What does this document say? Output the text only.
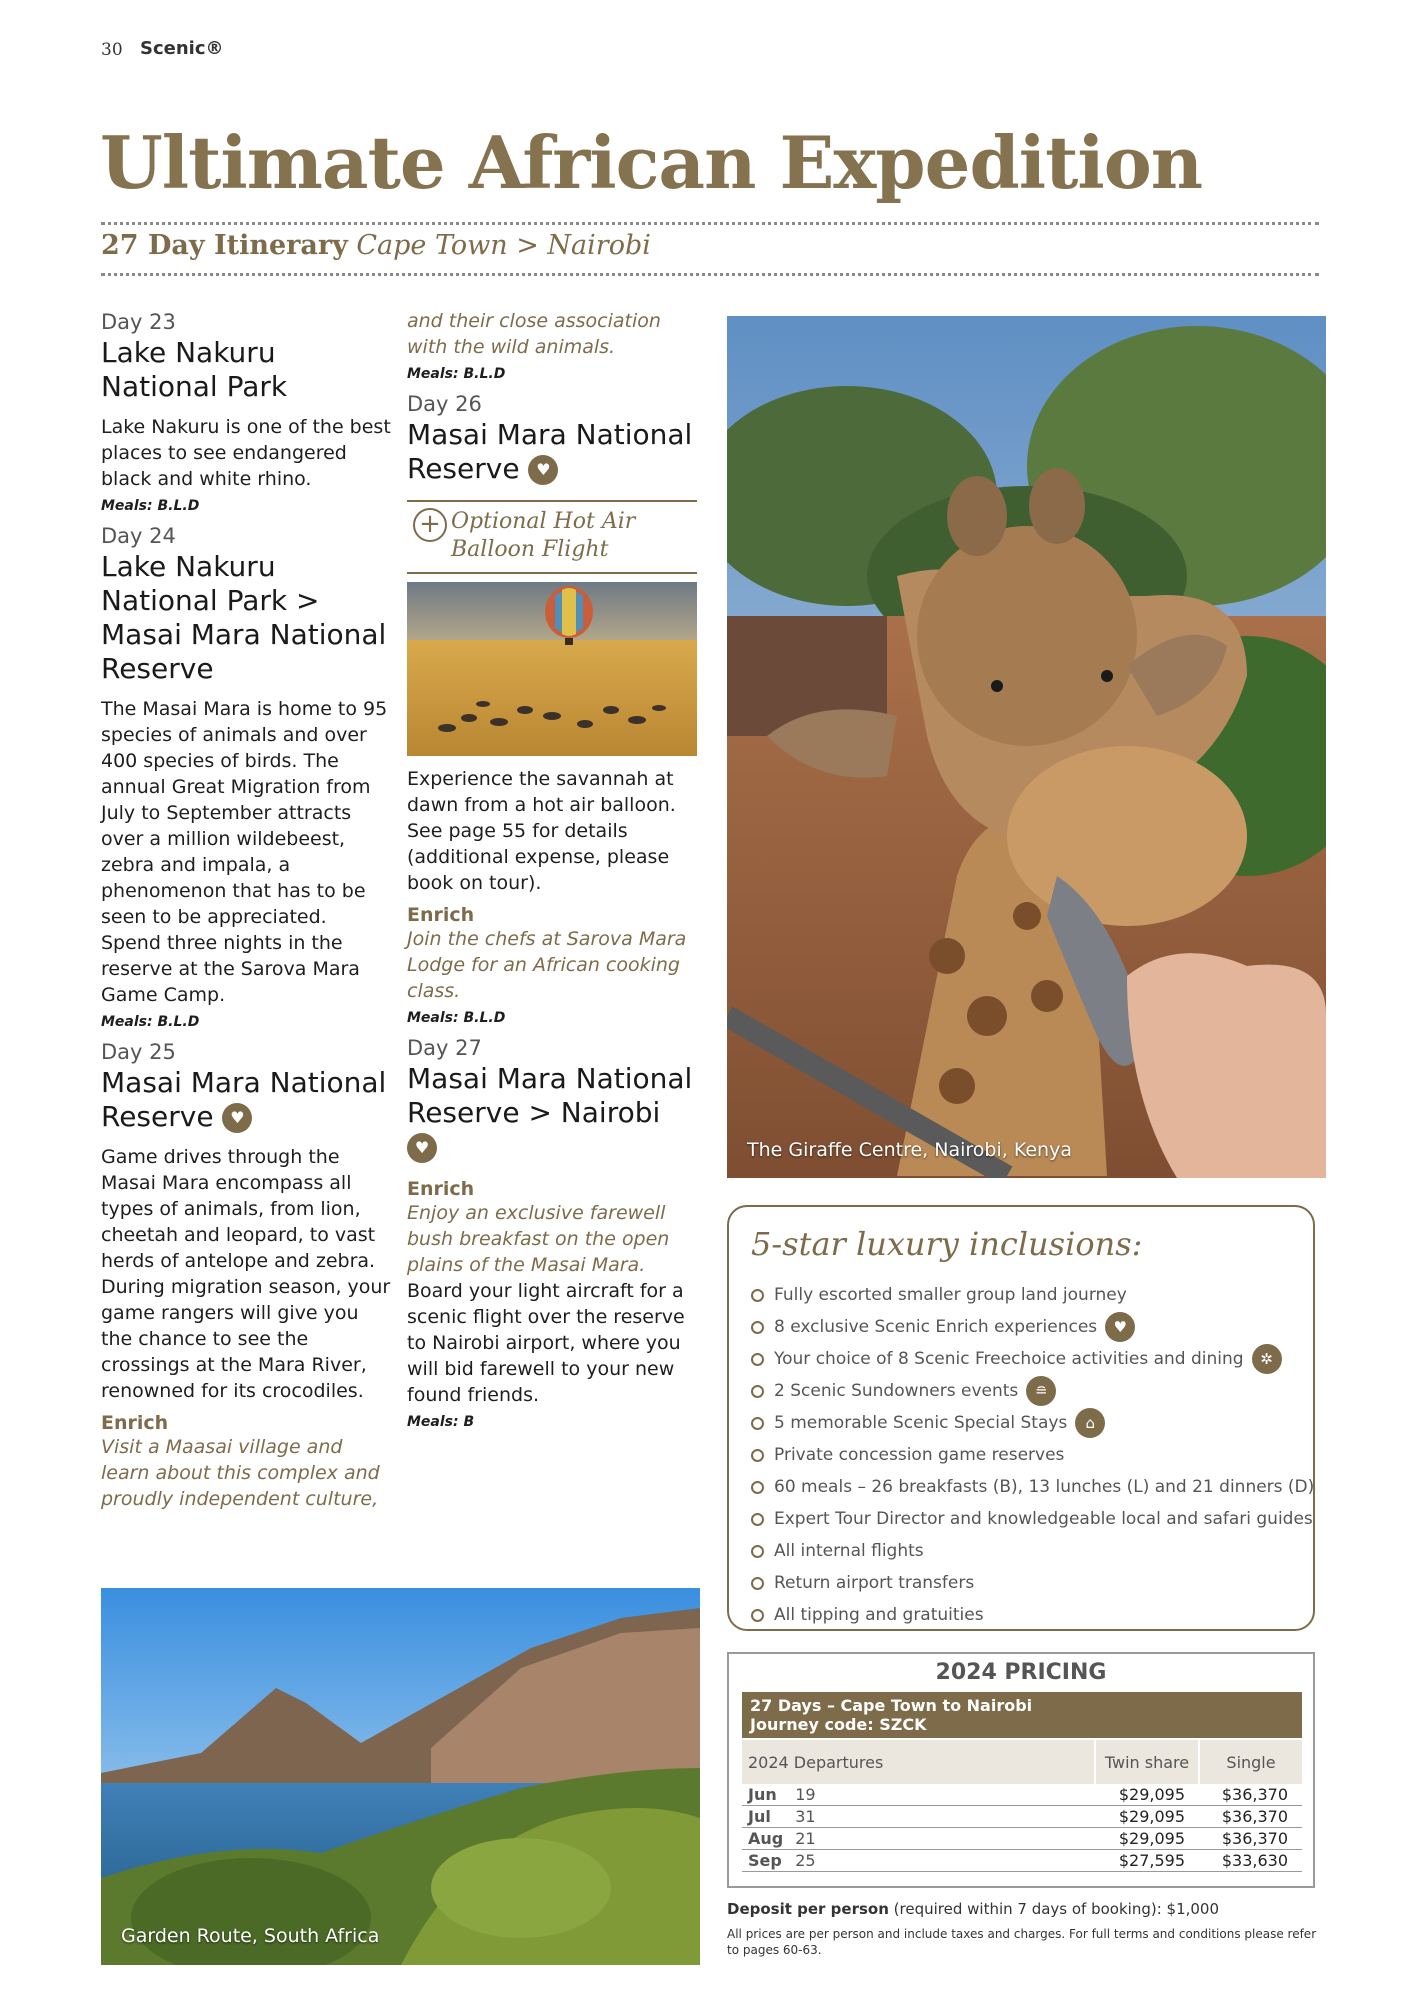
30 Scenic®
Ultimate African Expedition
27 Day Itinerary Cape Town > Nairobi
Day 23
Lake Nakuru National Park
Lake Nakuru is one of the best places to see endangered black and white rhino.
Meals: B.L.D
Day 24
Lake Nakuru National Park > Masai Mara National Reserve
The Masai Mara is home to 95 species of animals and over 400 species of birds. The annual Great Migration from July to September attracts over a million wildebeest, zebra and impala, a phenomenon that has to be seen to be appreciated. Spend three nights in the reserve at the Sarova Mara Game Camp.
Meals: B.L.D
Day 25
Masai Mara National Reserve ♥
Game drives through the Masai Mara encompass all types of animals, from lion, cheetah and leopard, to vast herds of antelope and zebra. During migration season, your game rangers will give you the chance to see the crossings at the Mara River, renowned for its crocodiles.
Enrich
Visit a Maasai village and learn about this complex and proudly independent culture,
and their close association with the wild animals.
Meals: B.L.D
Day 26
Masai Mara National Reserve ♥
+ Optional Hot Air Balloon Flight
Experience the savannah at dawn from a hot air balloon. See page 55 for details (additional expense, please book on tour).
Enrich
Join the chefs at Sarova Mara Lodge for an African cooking class.
Meals: B.L.D
Day 27
Masai Mara National Reserve > Nairobi ♥
Enrich
Enjoy an exclusive farewell bush breakfast on the open plains of the Masai Mara.
Board your light aircraft for a scenic flight over the reserve to Nairobi airport, where you will bid farewell to your new found friends.
Meals: B
The Giraffe Centre, Nairobi, Kenya
Garden Route, South Africa
5-star luxury inclusions:
Fully escorted smaller group land journey
8 exclusive Scenic Enrich experiences ♥
Your choice of 8 Scenic Freechoice activities and dining ✲
2 Scenic Sundowners events ≘
5 memorable Scenic Special Stays ⌂
Private concession game reserves
60 meals – 26 breakfasts (B), 13 lunches (L) and 21 dinners (D)
Expert Tour Director and knowledgeable local and safari guides
All internal flights
Return airport transfers
All tipping and gratuities
2024 PRICING
27 Days – Cape Town to Nairobi
Journey code: SZCK
2024 Departures		Twin share	Single
Jun	19	$29,095	$36,370
Jul	31	$29,095	$36,370
Aug	21	$29,095	$36,370
Sep	25	$27,595	$33,630
Deposit per person (required within 7 days of booking): $1,000
All prices are per person and include taxes and charges. For full terms and conditions please refer to pages 60-63.
